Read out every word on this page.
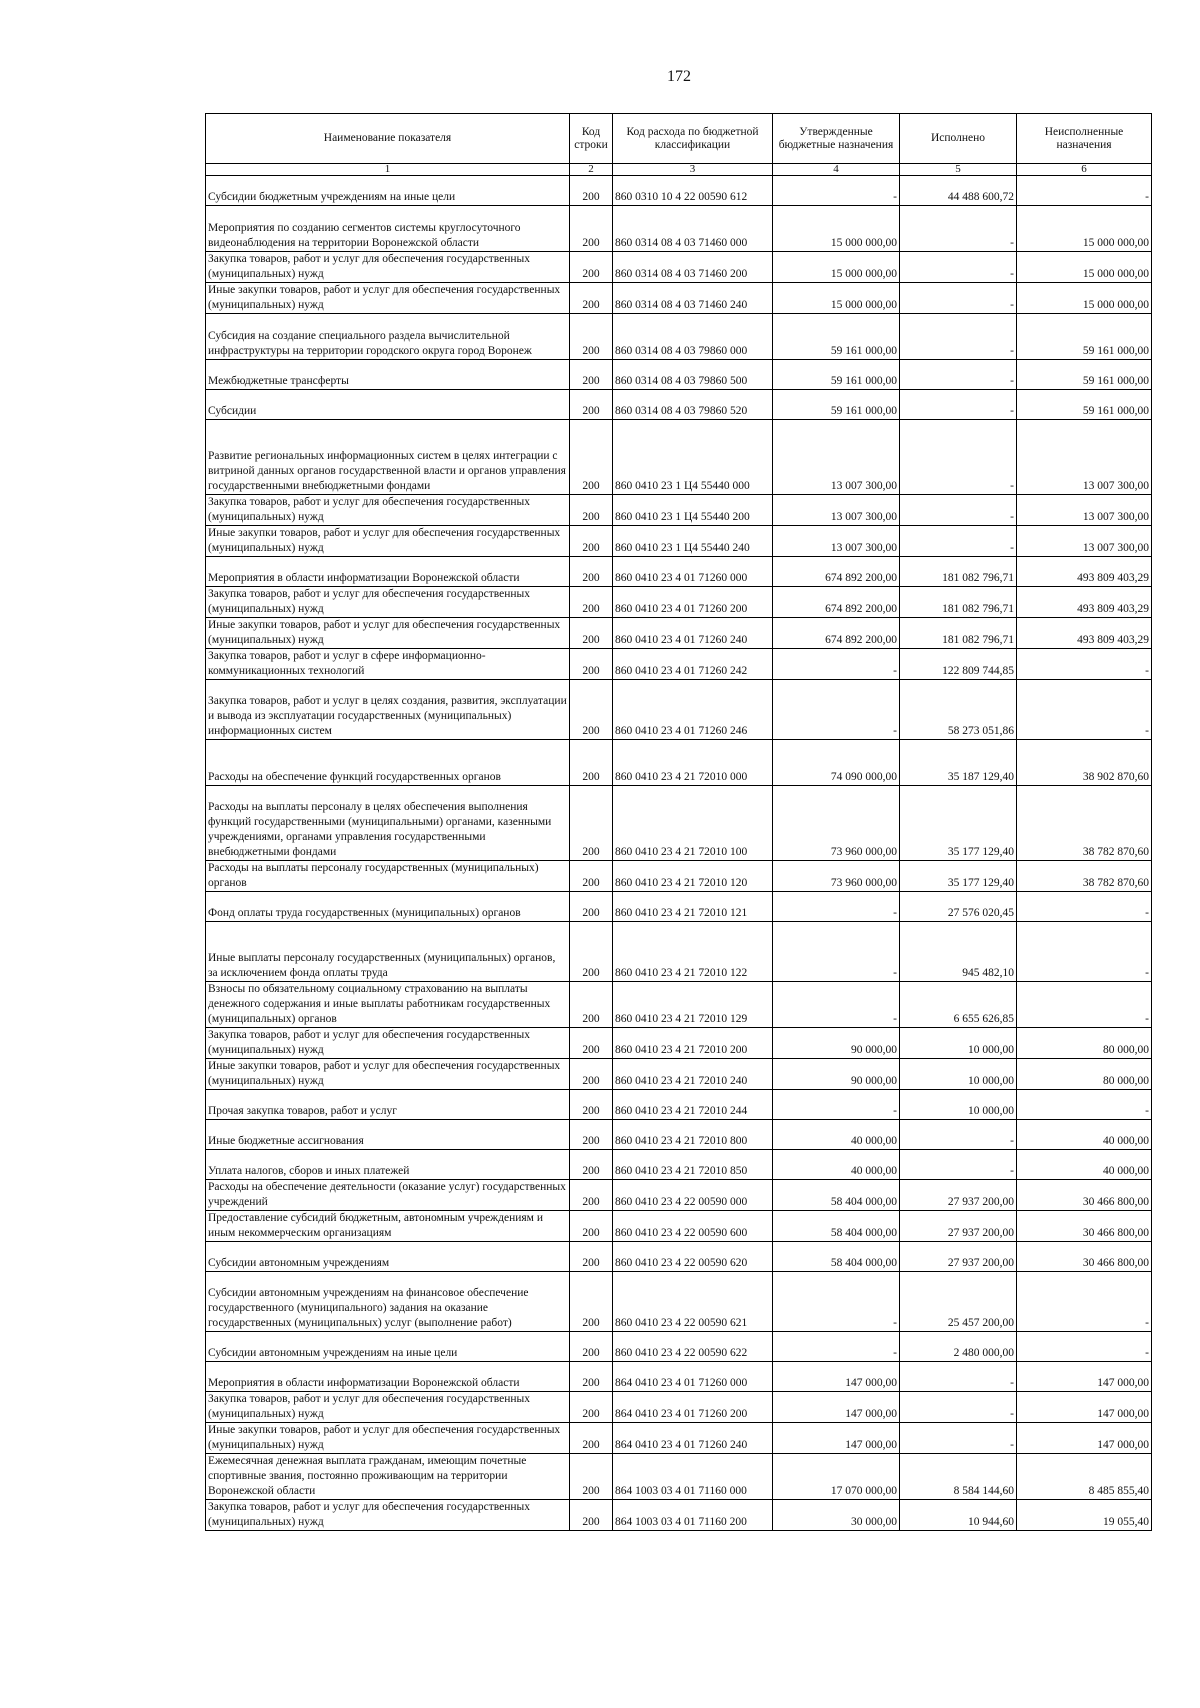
172
Наименование показателя	Код строки	Код расхода по бюджетной классификации	Утвержденные бюджетные назначения	Исполнено	Неисполненные назначения
1	2	3	4	5	6
Субсидии бюджетным учреждениям на иные цели	200	860 0310 10 4 22 00590 612	-	44 488 600,72	-
Мероприятия по созданию сегментов системы круглосуточного видеонаблюдения на территории Воронежской области	200	860 0314 08 4 03 71460 000	15 000 000,00	-	15 000 000,00
Закупка товаров, работ и услуг для обеспечения государственных (муниципальных) нужд	200	860 0314 08 4 03 71460 200	15 000 000,00	-	15 000 000,00
Иные закупки товаров, работ и услуг для обеспечения государственных (муниципальных) нужд	200	860 0314 08 4 03 71460 240	15 000 000,00	-	15 000 000,00
Субсидия на создание специального раздела вычислительной инфраструктуры на территории городского округа город Воронеж	200	860 0314 08 4 03 79860 000	59 161 000,00	-	59 161 000,00
Межбюджетные трансферты	200	860 0314 08 4 03 79860 500	59 161 000,00	-	59 161 000,00
Субсидии	200	860 0314 08 4 03 79860 520	59 161 000,00	-	59 161 000,00
Развитие региональных информационных систем в целях интеграции с витриной данных органов государственной власти и органов управления государственными внебюджетными фондами	200	860 0410 23 1 Ц4 55440 000	13 007 300,00	-	13 007 300,00
Закупка товаров, работ и услуг для обеспечения государственных (муниципальных) нужд	200	860 0410 23 1 Ц4 55440 200	13 007 300,00	-	13 007 300,00
Иные закупки товаров, работ и услуг для обеспечения государственных (муниципальных) нужд	200	860 0410 23 1 Ц4 55440 240	13 007 300,00	-	13 007 300,00
Мероприятия в области информатизации Воронежской области	200	860 0410 23 4 01 71260 000	674 892 200,00	181 082 796,71	493 809 403,29
Закупка товаров, работ и услуг для обеспечения государственных (муниципальных) нужд	200	860 0410 23 4 01 71260 200	674 892 200,00	181 082 796,71	493 809 403,29
Иные закупки товаров, работ и услуг для обеспечения государственных (муниципальных) нужд	200	860 0410 23 4 01 71260 240	674 892 200,00	181 082 796,71	493 809 403,29
Закупка товаров, работ и услуг в сфере информационно-коммуникационных технологий	200	860 0410 23 4 01 71260 242	-	122 809 744,85	-
Закупка товаров, работ и услуг в целях создания, развития, эксплуатации и вывода из эксплуатации государственных (муниципальных) информационных систем	200	860 0410 23 4 01 71260 246	-	58 273 051,86	-
Расходы на обеспечение функций государственных органов	200	860 0410 23 4 21 72010 000	74 090 000,00	35 187 129,40	38 902 870,60
Расходы на выплаты персоналу в целях обеспечения выполнения функций государственными (муниципальными) органами, казенными учреждениями, органами управления государственными внебюджетными фондами	200	860 0410 23 4 21 72010 100	73 960 000,00	35 177 129,40	38 782 870,60
Расходы на выплаты персоналу государственных (муниципальных) органов	200	860 0410 23 4 21 72010 120	73 960 000,00	35 177 129,40	38 782 870,60
Фонд оплаты труда государственных (муниципальных) органов	200	860 0410 23 4 21 72010 121	-	27 576 020,45	-
Иные выплаты персоналу государственных (муниципальных) органов, за исключением фонда оплаты труда	200	860 0410 23 4 21 72010 122	-	945 482,10	-
Взносы по обязательному социальному страхованию на выплаты денежного содержания и иные выплаты работникам государственных (муниципальных) органов	200	860 0410 23 4 21 72010 129	-	6 655 626,85	-
Закупка товаров, работ и услуг для обеспечения государственных (муниципальных) нужд	200	860 0410 23 4 21 72010 200	90 000,00	10 000,00	80 000,00
Иные закупки товаров, работ и услуг для обеспечения государственных (муниципальных) нужд	200	860 0410 23 4 21 72010 240	90 000,00	10 000,00	80 000,00
Прочая закупка товаров, работ и услуг	200	860 0410 23 4 21 72010 244	-	10 000,00	-
Иные бюджетные ассигнования	200	860 0410 23 4 21 72010 800	40 000,00	-	40 000,00
Уплата налогов, сборов и иных платежей	200	860 0410 23 4 21 72010 850	40 000,00	-	40 000,00
Расходы на обеспечение деятельности (оказание услуг) государственных учреждений	200	860 0410 23 4 22 00590 000	58 404 000,00	27 937 200,00	30 466 800,00
Предоставление субсидий бюджетным, автономным учреждениям и иным некоммерческим организациям	200	860 0410 23 4 22 00590 600	58 404 000,00	27 937 200,00	30 466 800,00
Субсидии автономным учреждениям	200	860 0410 23 4 22 00590 620	58 404 000,00	27 937 200,00	30 466 800,00
Субсидии автономным учреждениям на финансовое обеспечение государственного (муниципального) задания на оказание государственных (муниципальных) услуг (выполнение работ)	200	860 0410 23 4 22 00590 621	-	25 457 200,00	-
Субсидии автономным учреждениям на иные цели	200	860 0410 23 4 22 00590 622	-	2 480 000,00	-
Мероприятия в области информатизации Воронежской области	200	864 0410 23 4 01 71260 000	147 000,00	-	147 000,00
Закупка товаров, работ и услуг для обеспечения государственных (муниципальных) нужд	200	864 0410 23 4 01 71260 200	147 000,00	-	147 000,00
Иные закупки товаров, работ и услуг для обеспечения государственных (муниципальных) нужд	200	864 0410 23 4 01 71260 240	147 000,00	-	147 000,00
Ежемесячная денежная выплата гражданам, имеющим почетные спортивные звания, постоянно проживающим на территории Воронежской области	200	864 1003 03 4 01 71160 000	17 070 000,00	8 584 144,60	8 485 855,40
Закупка товаров, работ и услуг для обеспечения государственных (муниципальных) нужд	200	864 1003 03 4 01 71160 200	30 000,00	10 944,60	19 055,40
